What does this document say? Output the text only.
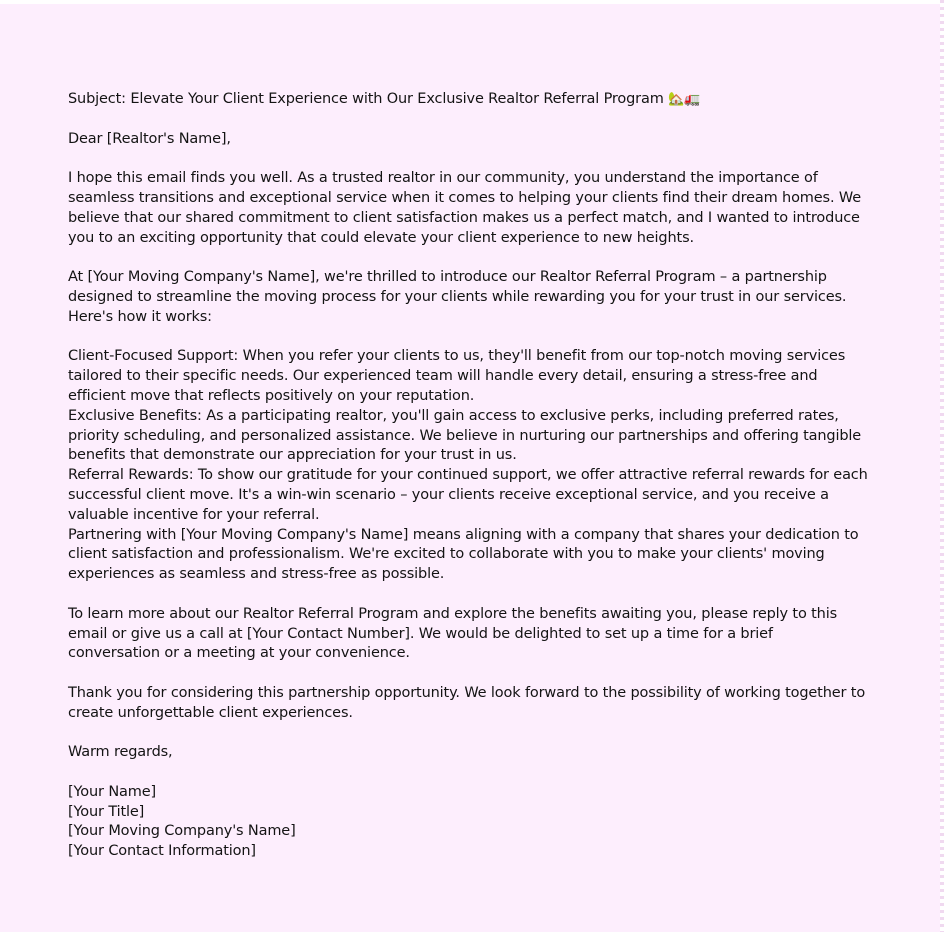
Subject: Elevate Your Client Experience with Our Exclusive Realtor Referral Program 🏡🚛

Dear [Realtor's Name],

I hope this email finds you well. As a trusted realtor in our community, you understand the importance of seamless transitions and exceptional service when it comes to helping your clients find their dream homes. We believe that our shared commitment to client satisfaction makes us a perfect match, and I wanted to introduce you to an exciting opportunity that could elevate your client experience to new heights.

At [Your Moving Company's Name], we're thrilled to introduce our Realtor Referral Program – a partnership designed to streamline the moving process for your clients while rewarding you for your trust in our services. Here's how it works:

Client-Focused Support: When you refer your clients to us, they'll benefit from our top-notch moving services tailored to their specific needs. Our experienced team will handle every detail, ensuring a stress-free and efficient move that reflects positively on your reputation.

Exclusive Benefits: As a participating realtor, you'll gain access to exclusive perks, including preferred rates, priority scheduling, and personalized assistance. We believe in nurturing our partnerships and offering tangible benefits that demonstrate our appreciation for your trust in us.

Referral Rewards: To show our gratitude for your continued support, we offer attractive referral rewards for each successful client move. It's a win-win scenario – your clients receive exceptional service, and you receive a valuable incentive for your referral.

Partnering with [Your Moving Company's Name] means aligning with a company that shares your dedication to client satisfaction and professionalism. We're excited to collaborate with you to make your clients' moving experiences as seamless and stress-free as possible.

To learn more about our Realtor Referral Program and explore the benefits awaiting you, please reply to this email or give us a call at [Your Contact Number]. We would be delighted to set up a time for a brief conversation or a meeting at your convenience.

Thank you for considering this partnership opportunity. We look forward to the possibility of working together to create unforgettable client experiences.

Warm regards,

[Your Name]

[Your Title]

[Your Moving Company's Name]

[Your Contact Information]
